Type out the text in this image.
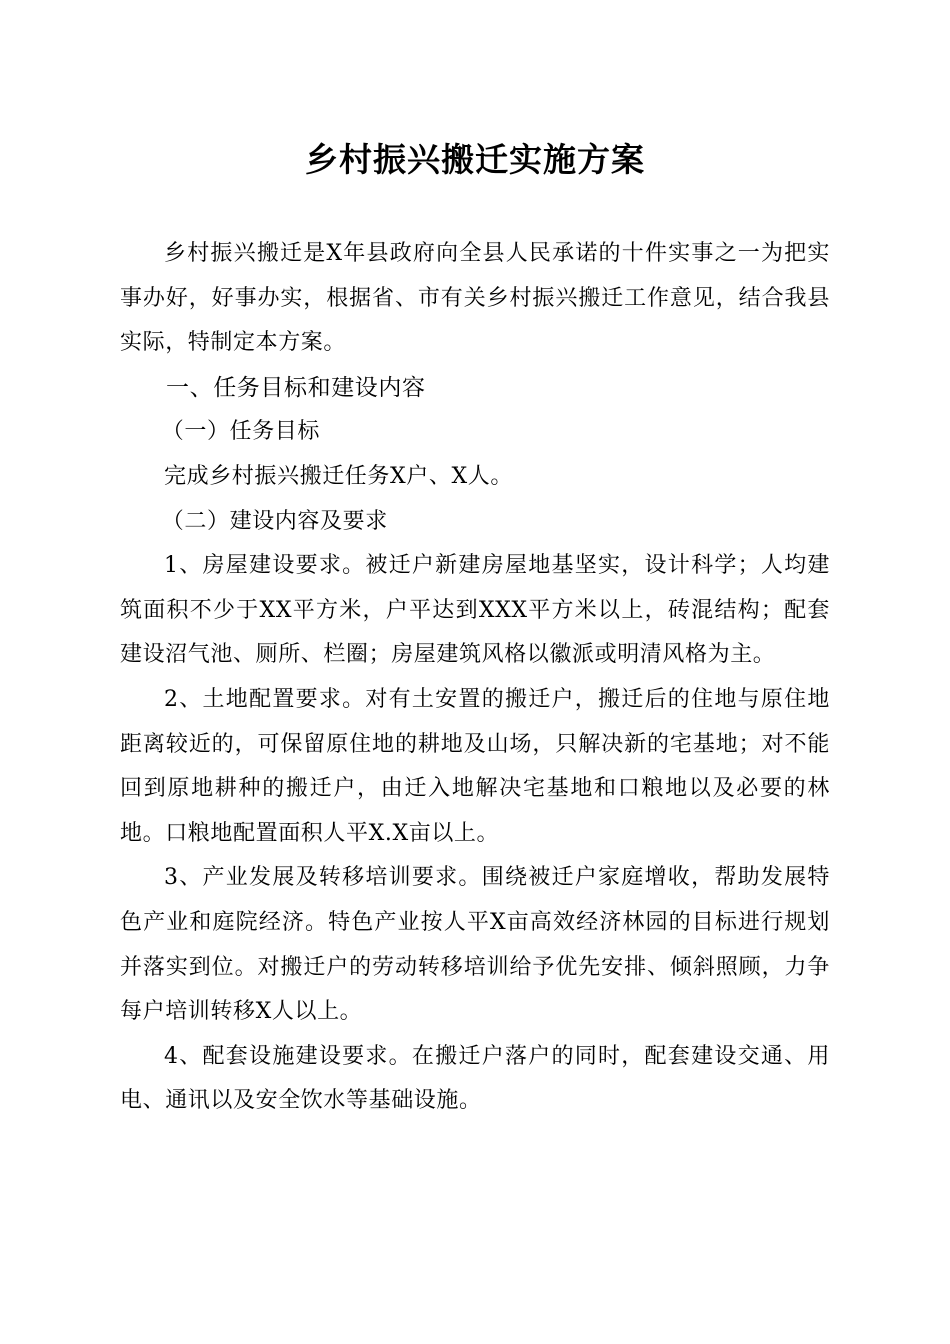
乡村振兴搬迁实施方案

乡村振兴搬迁是X年县政府向全县人民承诺的十件实事之一为把实事办好，好事办实，根据省、市有关乡村振兴搬迁工作意见，结合我县实际，特制定本方案。

一、任务目标和建设内容

（一）任务目标

完成乡村振兴搬迁任务X户、X人。

（二）建设内容及要求

1、房屋建设要求。被迁户新建房屋地基坚实，设计科学；人均建筑面积不少于XX平方米，户平达到XXX平方米以上，砖混结构；配套建设沼气池、厕所、栏圈；房屋建筑风格以徽派或明清风格为主。

2、土地配置要求。对有土安置的搬迁户，搬迁后的住地与原住地距离较近的，可保留原住地的耕地及山场，只解决新的宅基地；对不能回到原地耕种的搬迁户，由迁入地解决宅基地和口粮地以及必要的林地。口粮地配置面积人平X.X亩以上。

3、产业发展及转移培训要求。围绕被迁户家庭增收，帮助发展特色产业和庭院经济。特色产业按人平X亩高效经济林园的目标进行规划并落实到位。对搬迁户的劳动转移培训给予优先安排、倾斜照顾，力争每户培训转移X人以上。

4、配套设施建设要求。在搬迁户落户的同时，配套建设交通、用电、通讯以及安全饮水等基础设施。
